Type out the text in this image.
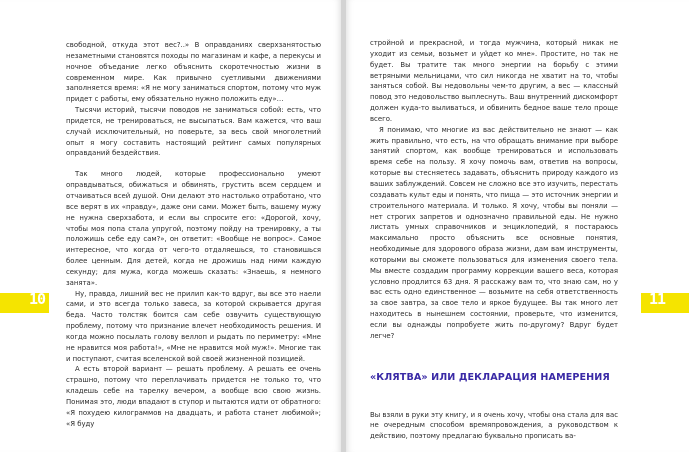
свободной, откуда этот вес?..» В оправданиях сверхзанятостью незаметными становятся походы по магазинам и кафе, а перекусы и ночное объедание легко объяснить скоротечностью жизни в современном мире. Как привычно суетливыми движениями заполняется время: «Я не могу заниматься спортом, потому что муж придет с работы, ему обязательно нужно положить еду»…

Тысячи историй, тысячи поводов не заниматься собой: есть, что придется, не тренироваться, не высыпаться. Вам кажется, что ваш случай исключительный, но поверьте, за весь свой многолетний опыт я могу составить настоящий рейтинг самых популярных оправданий бездействия.

Так много людей, которые профессионально умеют оправдываться, обижаться и обвинять, грустить всем сердцем и отчаиваться всей душой. Они делают это настолько отработано, что все верят в их «правду», даже они сами. Может быть, вашему мужу не нужна сверхзабота, и если вы спросите его: «Дорогой, хочу, чтобы моя попа стала упругой, поэтому пойду на тренировку, а ты положишь себе еду сам?», он ответит: «Вообще не вопрос». Самое интересное, что когда от чего-то отдаляешься, то становишься более ценным. Для детей, когда не дрожишь над ними каждую секунду; для мужа, когда можешь сказать: «Знаешь, я немного занята».

Ну, правда, лишний вес не прилип как-то вдруг, вы все это наели сами, и это всегда только завеса, за которой скрывается другая беда. Часто толстяк боится сам себе озвучить существующую проблему, потому что признание влечет необходимость решения. И когда можно посылать голову веллоп и рыдать по периметру: «Мне не нравится моя работа!», «Мне не нравится мой муж!». Многие так и поступают, считая вселенской вой своей жизненной позицией.

А есть второй вариант — решать проблему. А решать ее очень страшно, потому что переплачивать придется не только то, что кладешь себе на тарелку вечером, а вообще всю свою жизнь. Понимая это, люди впадают в ступор и пытаются идти от обратного: «Я похудею килограммов на двадцать, и работа станет любимой»; «Я буду

10

стройной и прекрасной, и тогда мужчина, который никак не уходит из семьи, возьмет и уйдет ко мне». Простите, но так не будет. Вы тратите так много энергии на борьбу с этими ветряными мельницами, что сил никогда не хватит на то, чтобы заняться собой. Вы недовольны чем-то другим, а вес — классный повод это недовольство выплеснуть. Ваш внутренний дискомфорт должен куда-то выливаться, и обвинить бедное ваше тело проще всего.

Я понимаю, что многие из вас действительно не знают — как жить правильно, что есть, на что обращать внимание при выборе занятий спортом, как вообще тренироваться и использовать время себе на пользу. Я хочу помочь вам, ответив на вопросы, которые вы стесняетесь задавать, объяснить природу каждого из ваших заблуждений. Совсем не сложно все это изучить, перестать создавать культ еды и понять, что пища — это источник энергии и строительного материала. И только. Я хочу, чтобы вы поняли — нет строгих запретов и однозначно правильной еды. Не нужно листать умных справочников и энциклопедий, я постараюсь максимально просто объяснить все основные понятия, необходимые для здорового образа жизни, дам вам инструменты, которыми вы сможете пользоваться для изменения своего тела. Мы вместе создадим программу коррекции вашего веса, которая условно продлится 63 дня. Я расскажу вам то, что знаю сам, но у вас есть одно единственное — возьмите на себя ответственность за свое завтра, за свое тело и яркое будущее. Вы так много лет находитесь в нынешнем состоянии, проверьте, что изменится, если вы однажды попробуете жить по-другому? Вдруг будет легче?

«КЛЯТВА» ИЛИ ДЕКЛАРАЦИЯ НАМЕРЕНИЯ

Вы взяли в руки эту книгу, и я очень хочу, чтобы она стала для вас не очередным способом времяпровождения, а руководством к действию, поэтому предлагаю буквально прописать ва-

11
